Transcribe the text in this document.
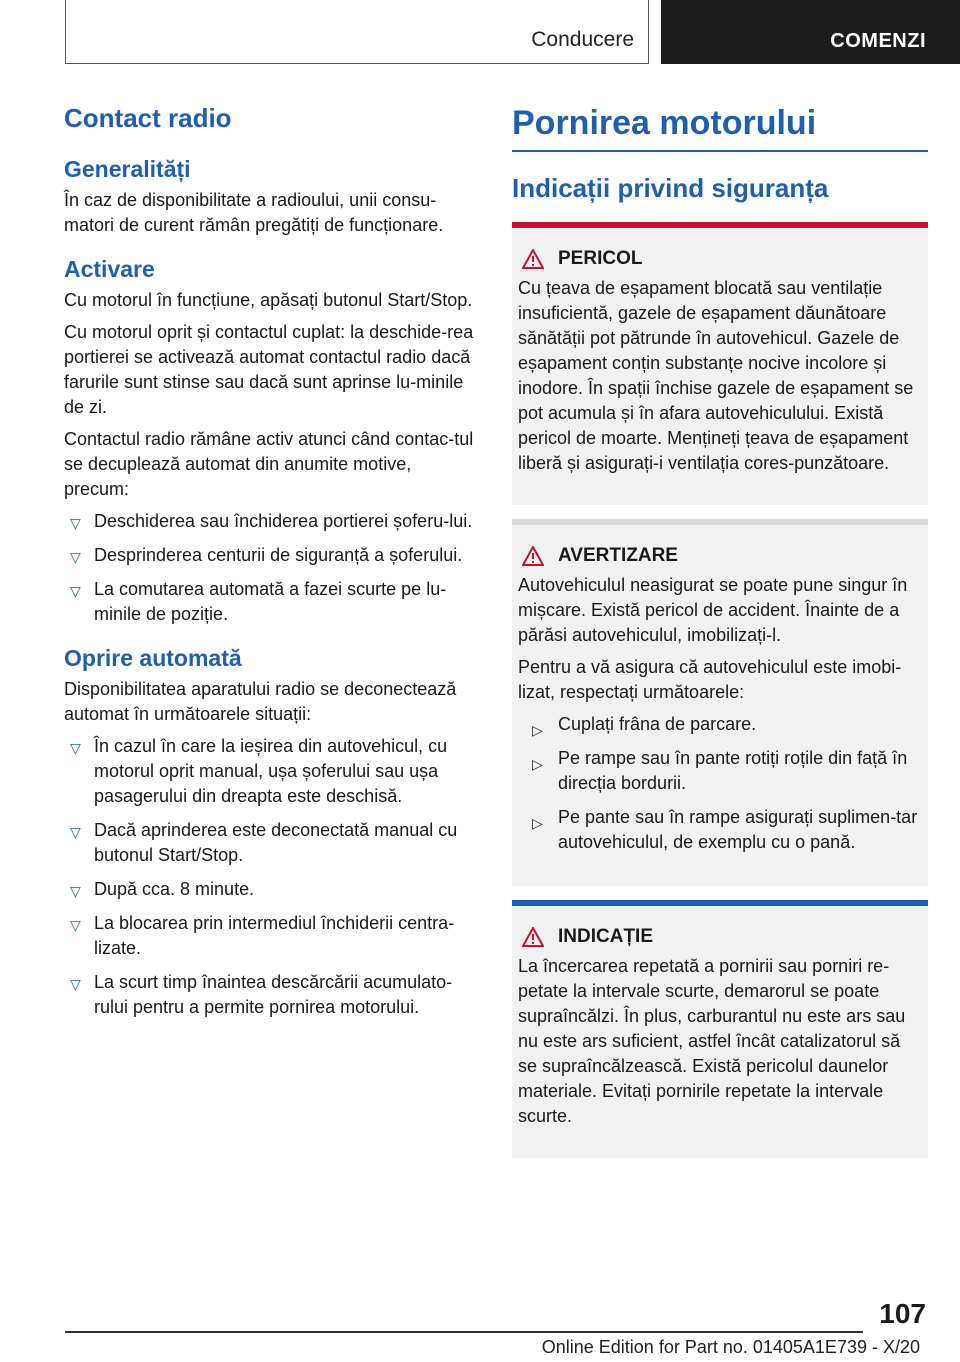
Conducere	COMENZI
Contact radio
Generalități

În caz de disponibilitate a radioului, unii consu-matori de curent rămân pregătiți de funcționare.

Activare

Cu motorul în funcțiune, apăsați butonul Start/Stop.

Cu motorul oprit și contactul cuplat: la deschide-rea portierei se activează automat contactul radio dacă farurile sunt stinse sau dacă sunt aprinse lu-minile de zi.

Contactul radio rămâne activ atunci când contac-tul se decuplează automat din anumite motive, precum:

▽ Deschiderea sau închiderea portierei șoferu-lui.
▽ Desprinderea centurii de siguranță a șoferului.
▽ La comutarea automată a fazei scurte pe lu-minile de poziție.
Oprire automată

Disponibilitatea aparatului radio se deconectează automat în următoarele situații:

▽ În cazul în care la ieșirea din autovehicul, cu motorul oprit manual, ușa șoferului sau ușa pasagerului din dreapta este deschisă.
▽ Dacă aprinderea este deconectată manual cu butonul Start/Stop.
▽ După cca. 8 minute.
▽ La blocarea prin intermediul închiderii centra-lizate.
▽ La scurt timp înaintea descărcării acumulato-rului pentru a permite pornirea motorului.
Pornirea motorului
Indicații privind siguranța
PERICOL

Cu țeava de eșapament blocată sau ventilație insuficientă, gazele de eșapament dăunătoare sănătății pot pătrunde în autovehicul. Gazele de eșapament conțin substanțe nocive incolore și inodore. În spații închise gazele de eșapament se pot acumula și în afara autovehiculului. Există pericol de moarte. Mențineți țeava de eșapament liberă și asigurați-i ventilația cores-punzătoare.

AVERTIZARE

Autovehiculul neasigurat se poate pune singur în mișcare. Există pericol de accident. Înainte de a părăsi autovehiculul, imobilizați-l.

Pentru a vă asigura că autovehiculul este imobi-lizat, respectați următoarele:

▷ Cuplați frâna de parcare.
▷ Pe rampe sau în pante rotiți roțile din față în direcția bordurii.
▷ Pe pante sau în rampe asigurați suplimen-tar autovehiculul, de exemplu cu o pană.
INDICAȚIE

La încercarea repetată a pornirii sau porniri re-petate la intervale scurte, demarorul se poate supraîncălzi. În plus, carburantul nu este ars sau nu este ars suficient, astfel încât catalizatorul să se supraîncălzească. Există pericolul daunelor materiale. Evitați pornirile repetate la intervale scurte.

107
Online Edition for Part no. 01405A1E739 - X/20
